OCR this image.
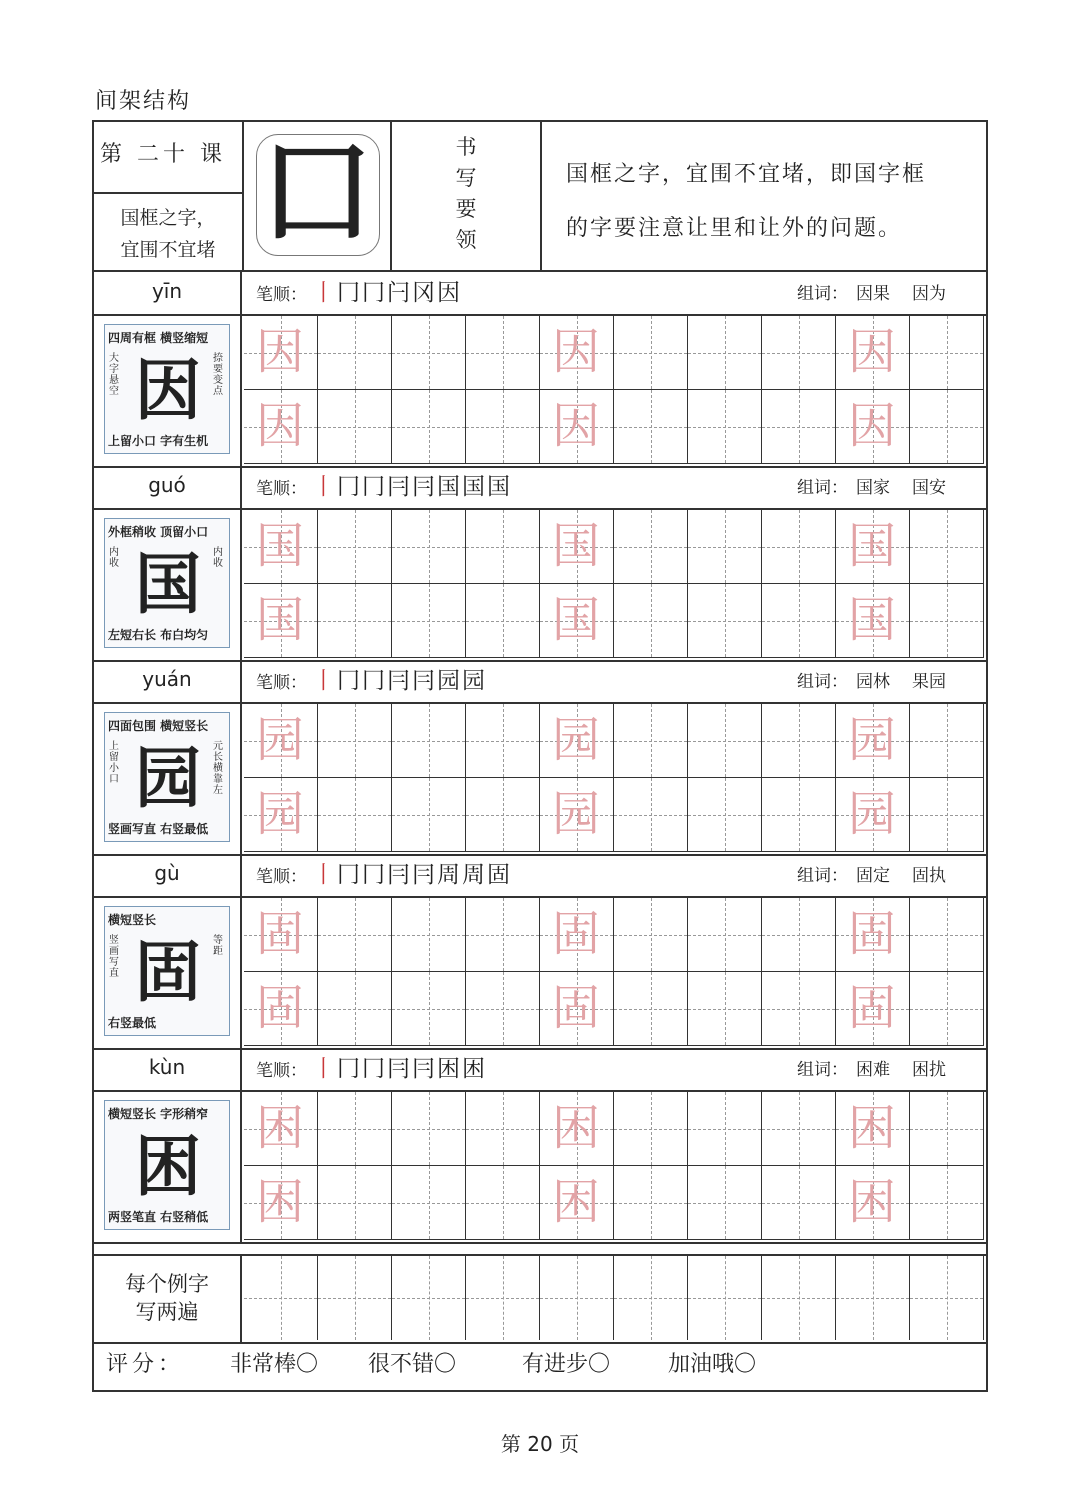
间架结构
第 二十 课
国框之字，
宜围不宜堵 囗	书
写
要
领
国框之字，宜围不宜堵，即国字框
的字要注意让里和让外的问题。
yīn	笔顺： 丨冂冂闩冈因	组词： 因果 因为
四周有框 横竖缩短
大字悬空 因	捺要变点
上留小口 字有生机
因	因	因
因	因	因
guó	笔顺： 丨冂冂冃冃国国国	组词： 国家 国安
外框稍收 顶留小口
内收 国	内收
左短右长 布白均匀
国	国	国
国	国	国
yuán	笔顺： 丨冂冂冃冃园园	组词： 园林 果园
四面包围 横短竖长
上留小口 园	元长横靠左
竖画写直 右竖最低
园	园	园
园	园	园
gù	笔顺： 丨冂冂冃冃周周固	组词： 固定 固执
横短竖长
竖画写直 固	等距
右竖最低
固	固	固
固	固	固
kùn	笔顺： 丨冂冂冃冃困困	组词： 困难 困扰
横短竖长 字形稍窄
困
两竖笔直 右竖稍低
困	困	困
困	困	困
每个例字
写两遍
评分： 非常棒〇 很不错〇	有进步〇	加油哦〇
第 20 页
